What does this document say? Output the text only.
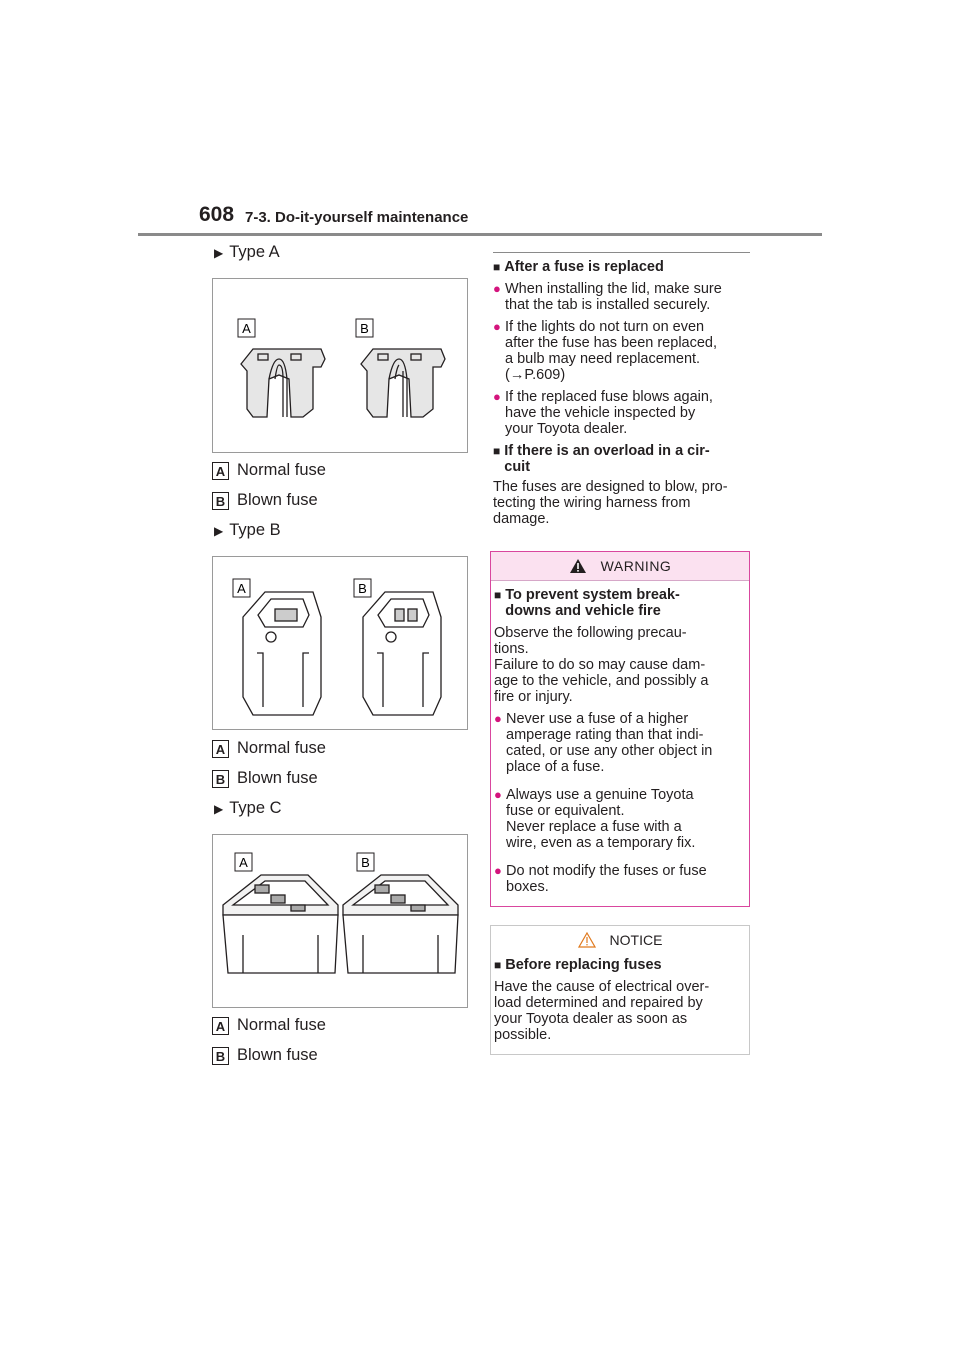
608 7-3. Do-it-yourself maintenance
▶ Type A
A	B
A Normal fuse
B Blown fuse
▶ Type B
A	B
A Normal fuse
B Blown fuse
▶ Type C
A	B
A Normal fuse
B Blown fuse
■ After a fuse is replaced
● When installing the lid, make sure
that the tab is installed securely.
● If the lights do not turn on even
after the fuse has been replaced,
a bulb may need replacement.
(→P.609)
● If the replaced fuse blows again,
have the vehicle inspected by
your Toyota dealer.
■ If there is an overload in a cir-
cuit
The fuses are designed to blow, pro-
tecting the wiring harness from
damage.
WARNING
■ To prevent system break-
downs and vehicle fire

Observe the following precau-
tions.
Failure to do so may cause dam-
age to the vehicle, and possibly a
fire or injury.

● Never use a fuse of a higher
amperage rating than that indi-
cated, or use any other object in
place of a fuse.
● Always use a genuine Toyota
fuse or equivalent.
Never replace a fuse with a
wire, even as a temporary fix.
● Do not modify the fuses or fuse
boxes.
NOTICE
■ Before replacing fuses

Have the cause of electrical over-
load determined and repaired by
your Toyota dealer as soon as
possible.
